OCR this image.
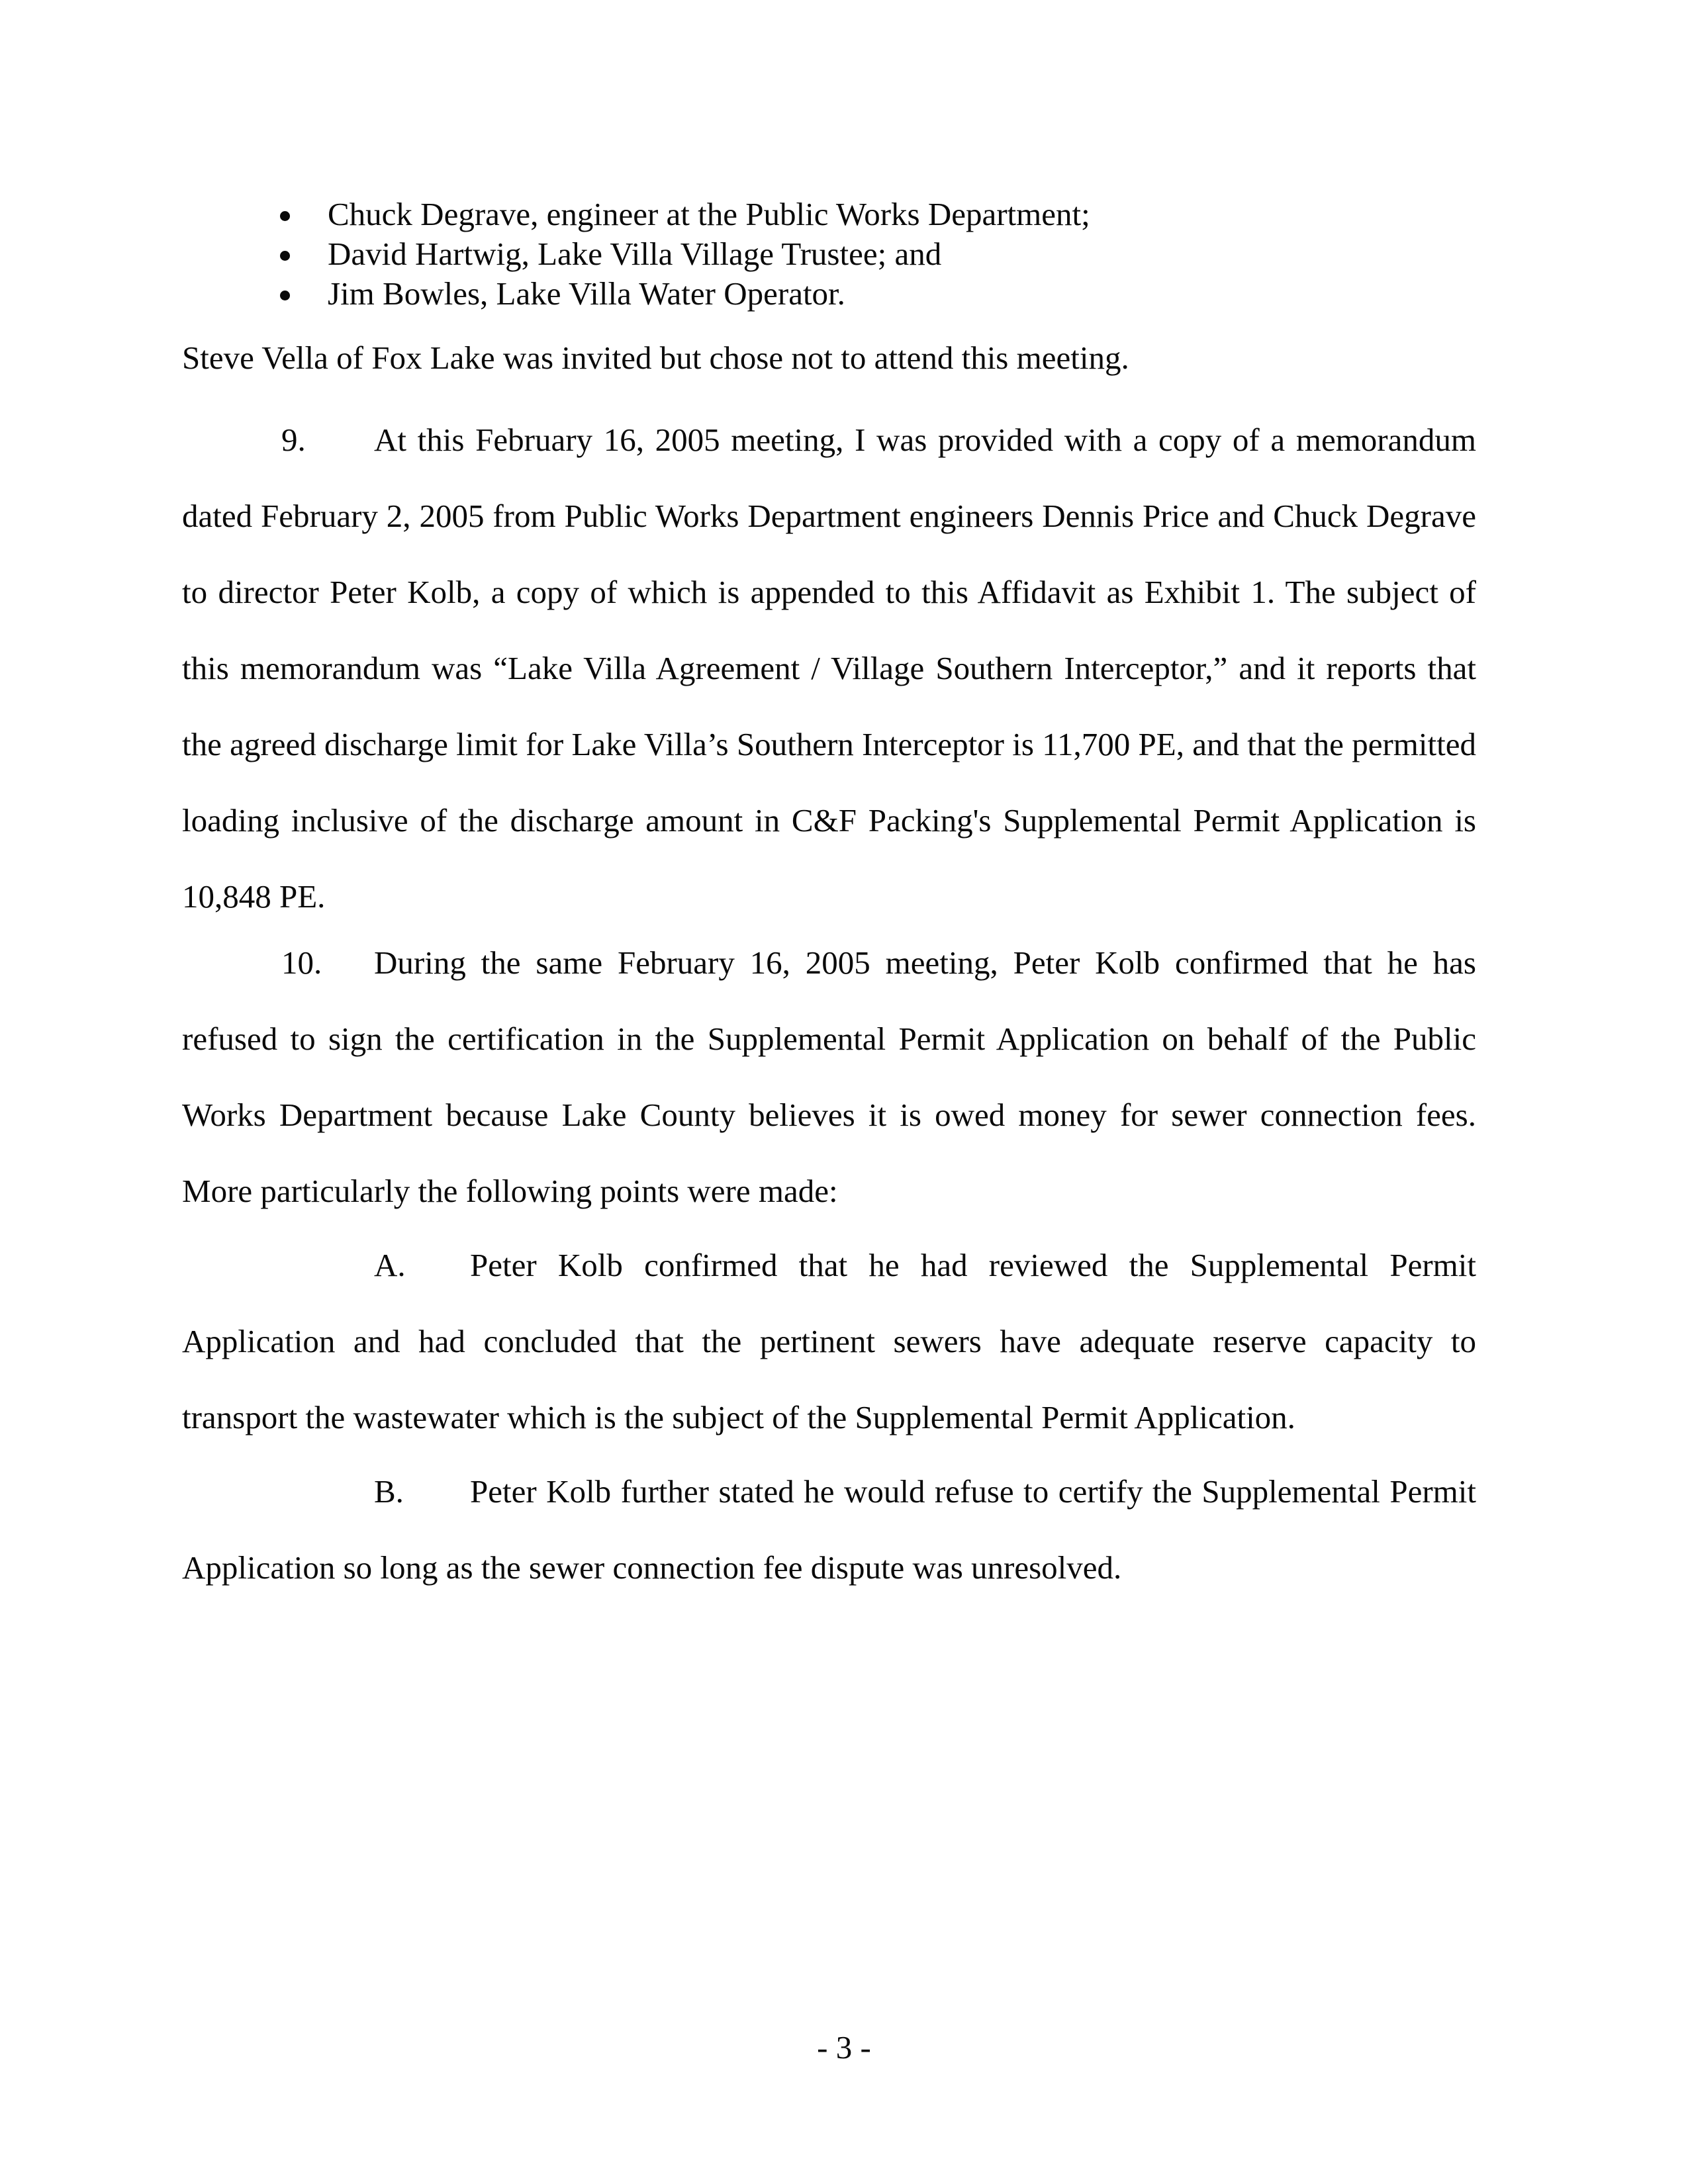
Chuck Degrave, engineer at the Public Works Department;
David Hartwig, Lake Villa Village Trustee; and
Jim Bowles, Lake Villa Water Operator.
Steve Vella of Fox Lake was invited but chose not to attend this meeting.

9. At this February 16, 2005 meeting, I was provided with a copy of a memorandum dated February 2, 2005 from Public Works Department engineers Dennis Price and Chuck Degrave to director Peter Kolb, a copy of which is appended to this Affidavit as Exhibit 1. The subject of this memorandum was “Lake Villa Agreement / Village Southern Interceptor,” and it reports that the agreed discharge limit for Lake Villa’s Southern Interceptor is 11,700 PE, and that the permitted loading inclusive of the discharge amount in C&F Packing's Supplemental Permit Application is 10,848 PE.

10. During the same February 16, 2005 meeting, Peter Kolb confirmed that he has refused to sign the certification in the Supplemental Permit Application on behalf of the Public Works Department because Lake County believes it is owed money for sewer connection fees. More particularly the following points were made:

A. Peter Kolb confirmed that he had reviewed the Supplemental Permit Application and had concluded that the pertinent sewers have adequate reserve capacity to transport the wastewater which is the subject of the Supplemental Permit Application.

B. Peter Kolb further stated he would refuse to certify the Supplemental Permit Application so long as the sewer connection fee dispute was unresolved.

- 3 -
